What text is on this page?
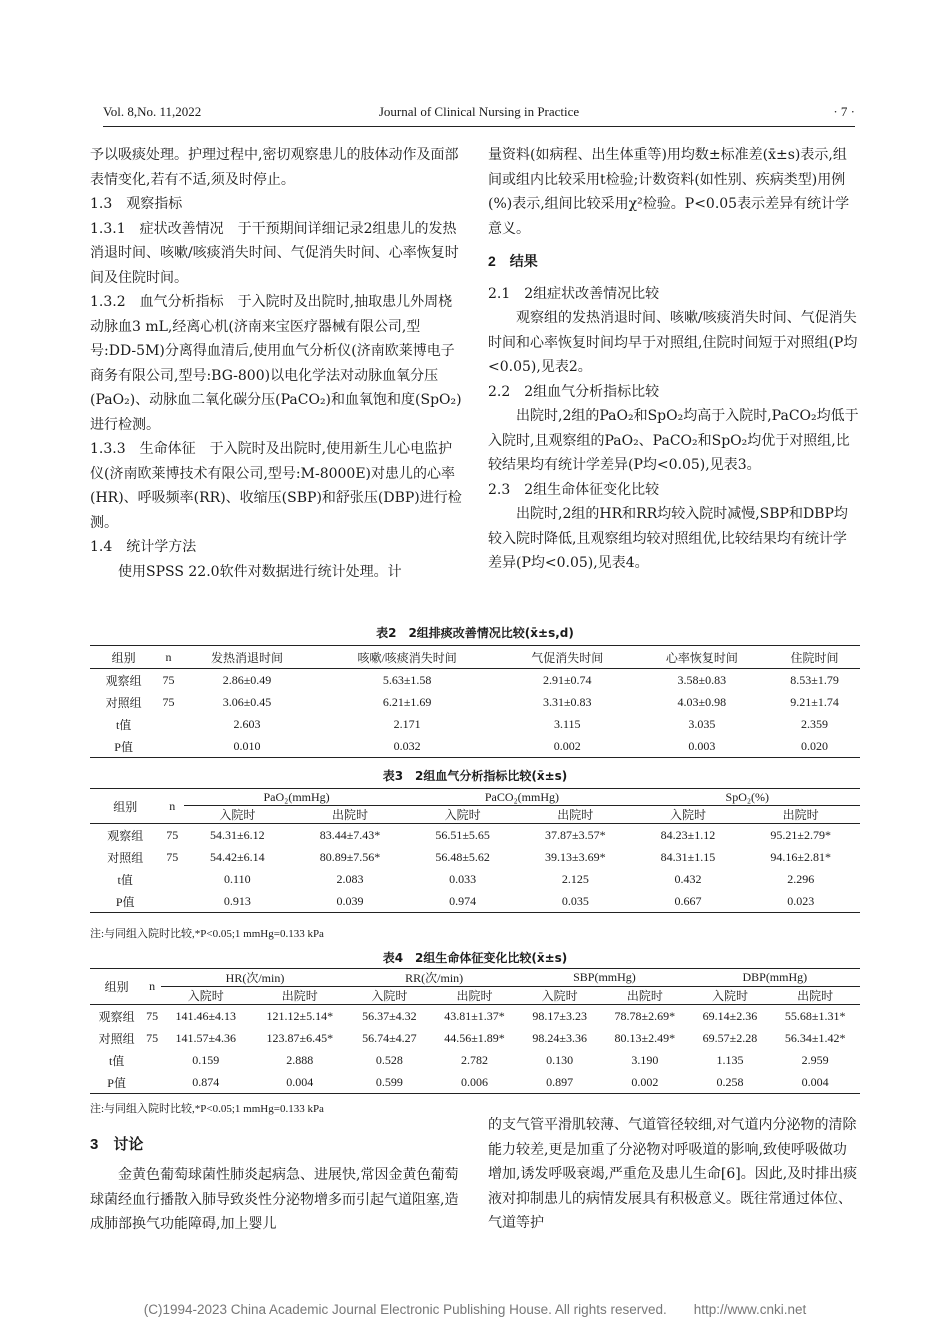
Vol. 8,No. 11,2022	Journal of Clinical Nursing in Practice	· 7 ·

予以吸痰处理。护理过程中,密切观察患儿的肢体动作及面部表情变化,若有不适,须及时停止。

1.3　观察指标

1.3.1　症状改善情况　于干预期间详细记录2组患儿的发热消退时间、咳嗽/咳痰消失时间、气促消失时间、心率恢复时间及住院时间。

1.3.2　血气分析指标　于入院时及出院时,抽取患儿外周桡动脉血3 mL,经离心机(济南来宝医疗器械有限公司,型号:DD-5M)分离得血清后,使用血气分析仪(济南欧莱博电子商务有限公司,型号:BG-800)以电化学法对动脉血氧分压(PaO₂)、动脉血二氧化碳分压(PaCO₂)和血氧饱和度(SpO₂)进行检测。

1.3.3　生命体征　于入院时及出院时,使用新生儿心电监护仪(济南欧莱博技术有限公司,型号:M-8000E)对患儿的心率(HR)、呼吸频率(RR)、收缩压(SBP)和舒张压(DBP)进行检测。

1.4　统计学方法

使用SPSS 22.0软件对数据进行统计处理。计

量资料(如病程、出生体重等)用均数±标准差(x̄±s)表示,组间或组内比较采用t检验;计数资料(如性别、疾病类型)用例(%)表示,组间比较采用χ²检验。P<0.05表示差异有统计学意义。

2　结果

2.1　2组症状改善情况比较

观察组的发热消退时间、咳嗽/咳痰消失时间、气促消失时间和心率恢复时间均早于对照组,住院时间短于对照组(P均<0.05),见表2。

2.2　2组血气分析指标比较

出院时,2组的PaO₂和SpO₂均高于入院时,PaCO₂均低于入院时,且观察组的PaO₂、PaCO₂和SpO₂均优于对照组,比较结果均有统计学差异(P均<0.05),见表3。

2.3　2组生命体征变化比较

出院时,2组的HR和RR均较入院时减慢,SBP和DBP均较入院时降低,且观察组均较对照组优,比较结果均有统计学差异(P均<0.05),见表4。

表2　2组排痰改善情况比较(x̄±s,d)
组别	n	发热消退时间	咳嗽/咳痰消失时间	气促消失时间	心率恢复时间	住院时间
观察组	75	2.86±0.49	5.63±1.58	2.91±0.74	3.58±0.83	8.53±1.79
对照组	75	3.06±0.45	6.21±1.69	3.31±0.83	4.03±0.98	9.21±1.74
t值		2.603	2.171	3.115	3.035	2.359
P值		0.010	0.032	0.002	0.003	0.020
表3　2组血气分析指标比较(x̄±s)
组别	n	PaO₂(mmHg)		PaCO₂(mmHg)		SpO₂(%)	
		入院时	出院时	入院时	出院时	入院时	出院时
观察组	75	54.31±6.12	83.44±7.43*	56.51±5.65	37.87±3.57*	84.23±1.12	95.21±2.79*
对照组	75	54.42±6.14	80.89±7.56*	56.48±5.62	39.13±3.69*	84.31±1.15	94.16±2.81*
t值		0.110	2.083	0.033	2.125	0.432	2.296
P值		0.913	0.039	0.974	0.035	0.667	0.023
注:与同组入院时比较,*P<0.05;1 mmHg=0.133 kPa
表4　2组生命体征变化比较(x̄±s)
组别	n	HR(次/min)		RR(次/min)		SBP(mmHg)		DBP(mmHg)	
		入院时	出院时	入院时	出院时	入院时	出院时	入院时	出院时
观察组	75	141.46±4.13	121.12±5.14*	56.37±4.32	43.81±1.37*	98.17±3.23	78.78±2.69*	69.14±2.36	55.68±1.31*
对照组	75	141.57±4.36	123.87±6.45*	56.74±4.27	44.56±1.89*	98.24±3.36	80.13±2.49*	69.57±2.28	56.34±1.42*
t值		0.159	2.888	0.528	2.782	0.130	3.190	1.135	2.959
P值		0.874	0.004	0.599	0.006	0.897	0.002	0.258	0.004
注:与同组入院时比较,*P<0.05;1 mmHg=0.133 kPa
3　讨论

金黄色葡萄球菌性肺炎起病急、进展快,常因金黄色葡萄球菌经血行播散入肺导致炎性分泌物增多而引起气道阻塞,造成肺部换气功能障碍,加上婴儿

的支气管平滑肌较薄、气道管径较细,对气道内分泌物的清除能力较差,更是加重了分泌物对呼吸道的影响,致使呼吸做功增加,诱发呼吸衰竭,严重危及患儿生命[6]。因此,及时排出痰液对抑制患儿的病情发展具有积极意义。既往常通过体位、气道等护

(C)1994-2023 China Academic Journal Electronic Publishing House. All rights reserved.　　http://www.cnki.net
